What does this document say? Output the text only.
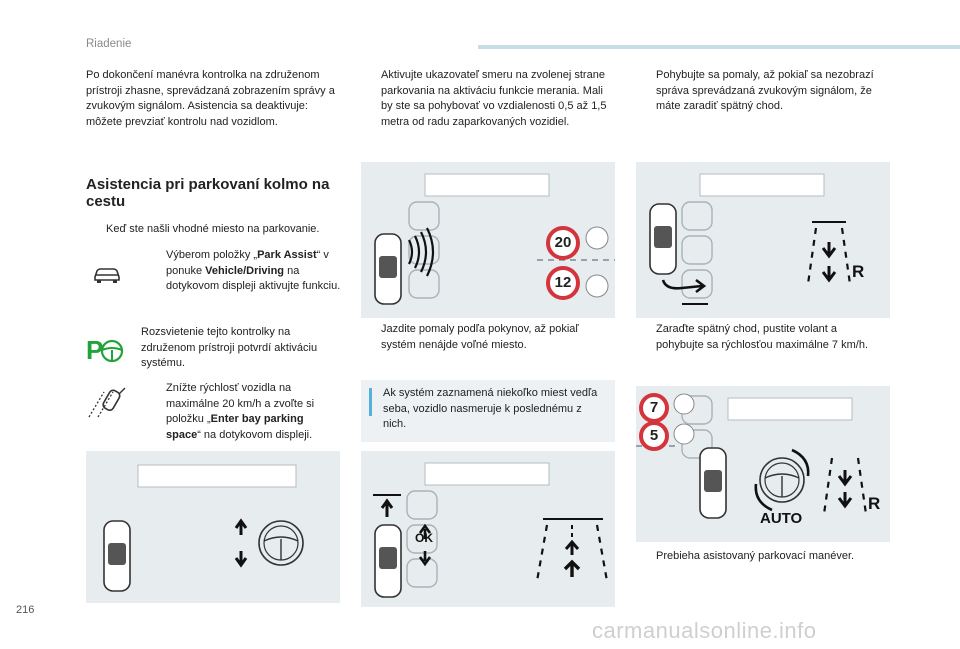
Riadenie

Po dokončení manévra kontrolka na združenom prístroji zhasne, sprevádzaná zobrazením správy a zvukovým signálom. Asistencia sa deaktivuje: môžete prevziať kontrolu nad vozidlom.

Asistencia pri parkovaní kolmo na cestu
Keď ste našli vhodné miesto na parkovanie.
Výberom položky „Park Assist“ v ponuke Vehicle/Driving na dotykovom displeji aktivujte funkciu.
P

Rozsvietenie tejto kontrolky na združenom prístroji potvrdí aktiváciu systému.

Znížte rýchlosť vozidla na maximálne 20 km/h a zvoľte si položku „Enter bay parking space“ na dotykovom displeji.
Aktivujte ukazovateľ smeru na zvolenej strane parkovania na aktiváciu funkcie merania. Mali by ste sa pohybovať vo vzdialenosti 0,5 až 1,5 metra od radu zaparkovaných vozidiel.
20
12
Jazdite pomaly podľa pokynov, až pokiaľ systém nenájde voľné miesto.

Ak systém zaznamená niekoľko miest vedľa seba, vozidlo nasmeruje k poslednému z nich.

OK
Pohybujte sa pomaly, až pokiaľ sa nezobrazí správa sprevádzaná zvukovým signálom, že máte zaradiť spätný chod.
R
Zaraďte spätný chod, pustite volant a pohybujte sa rýchlosťou maximálne 7 km/h.
7
5
AUTO
R
Prebieha asistovaný parkovací manéver.
216
carmanualsonline.info
